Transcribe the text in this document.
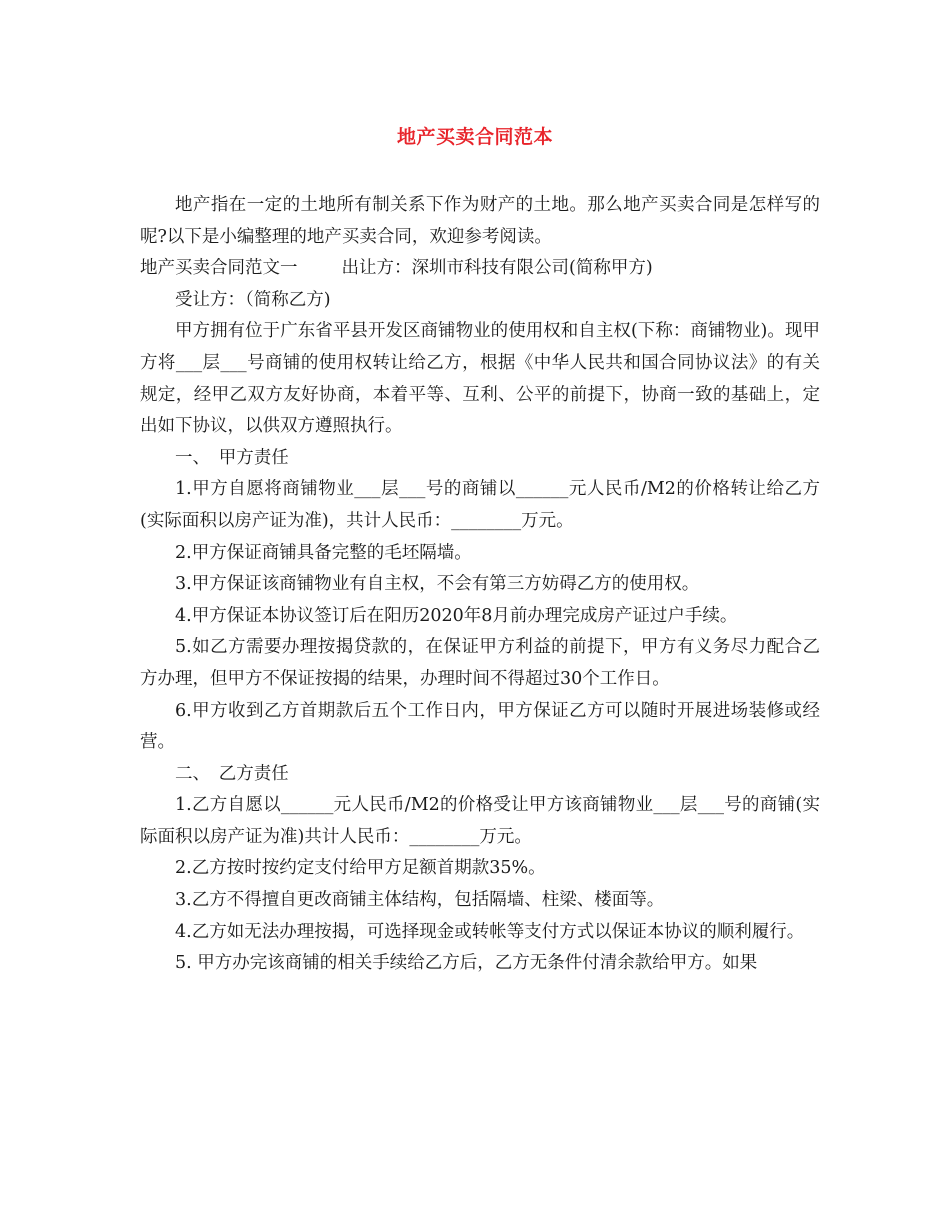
地产买卖合同范本

地产指在一定的土地所有制关系下作为财产的土地。那么地产买卖合同是怎样写的呢?以下是小编整理的地产买卖合同，欢迎参考阅读。

地产买卖合同范文一	出让方：深圳市科技有限公司(简称甲方)

受让方：（简称乙方)

甲方拥有位于广东省平县开发区商铺物业的使用权和自主权(下称：商铺物业)。现甲方将___层___号商铺的使用权转让给乙方，根据《中华人民共和国合同协议法》的有关规定，经甲乙双方友好协商，本着平等、互利、公平的前提下，协商一致的基础上，定出如下协议，以供双方遵照执行。

一、　甲方责任

1.甲方自愿将商铺物业___层___号的商铺以______元人民币/M2的价格转让给乙方(实际面积以房产证为准)，共计人民币：________万元。

2.甲方保证商铺具备完整的毛坯隔墙。

3.甲方保证该商铺物业有自主权，不会有第三方妨碍乙方的使用权。

4.甲方保证本协议签订后在阳历2020年8月前办理完成房产证过户手续。

5.如乙方需要办理按揭贷款的，在保证甲方利益的前提下，甲方有义务尽力配合乙方办理，但甲方不保证按揭的结果，办理时间不得超过30个工作日。

6.甲方收到乙方首期款后五个工作日内，甲方保证乙方可以随时开展进场装修或经营。

二、　乙方责任

1.乙方自愿以______元人民币/M2的价格受让甲方该商铺物业___层___号的商铺(实际面积以房产证为准)共计人民币：________万元。

2.乙方按时按约定支付给甲方足额首期款35%。

3.乙方不得擅自更改商铺主体结构，包括隔墙、柱梁、楼面等。

4.乙方如无法办理按揭，可选择现金或转帐等支付方式以保证本协议的顺利履行。

5. 甲方办完该商铺的相关手续给乙方后，乙方无条件付清余款给甲方。如果
